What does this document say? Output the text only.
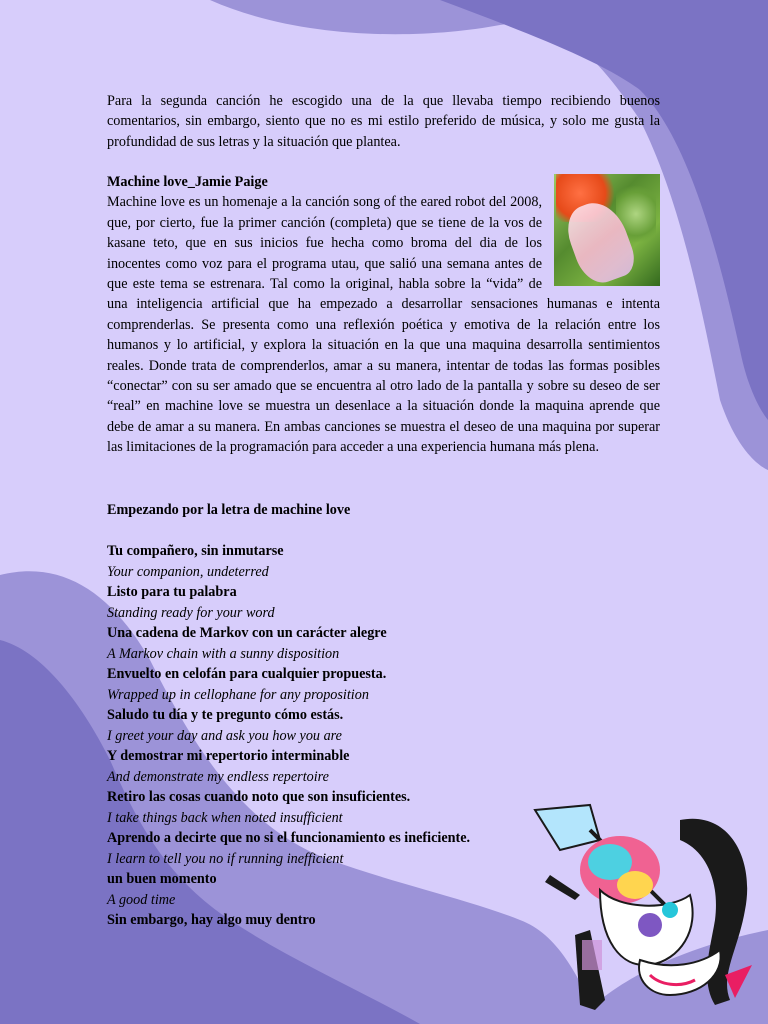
Para la segunda canción he escogido una de la que llevaba tiempo recibiendo buenos comentarios, sin embargo, siento que no es mi estilo preferido de música, y solo me gusta la profundidad de sus letras y la situación que plantea.
Machine love_Jamie Paige
Machine love es un homenaje a la canción song of the eared robot del 2008, que, por cierto, fue la primer canción (completa) que se tiene de la vos de kasane teto, que en sus inicios fue hecha como broma del dia de los inocentes como voz para el programa utau, que salió una semana antes de que este tema se estrenara. Tal como la original, habla sobre la “vida” de una inteligencia artificial que ha empezado a desarrollar sensaciones humanas e intenta comprenderlas. Se presenta como una reflexión poética y emotiva de la relación entre los humanos y lo artificial, y explora la situación en la que una maquina desarrolla sentimientos reales. Donde trata de comprenderlos, amar a su manera, intentar de todas las formas posibles “conectar” con su ser amado que se encuentra al otro lado de la pantalla y sobre su deseo de ser “real” en machine love se muestra un desenlace a la situación donde la maquina aprende que debe de amar a su manera. En ambas canciones se muestra el deseo de una maquina por superar las limitaciones de la programación para acceder a una experiencia humana más plena.
Empezando por la letra de machine love
Tu compañero, sin inmutarse
Your companion, undeterred
Listo para tu palabra
Standing ready for your word
Una cadena de Markov con un carácter alegre
A Markov chain with a sunny disposition
Envuelto en celofán para cualquier propuesta.
Wrapped up in cellophane for any proposition
Saludo tu día y te pregunto cómo estás.
I greet your day and ask you how you are
Y demostrar mi repertorio interminable
And demonstrate my endless repertoire
Retiro las cosas cuando noto que son insuficientes.
I take things back when noted insufficient
Aprendo a decirte que no si el funcionamiento es ineficiente.
I learn to tell you no if running inefficient
un buen momento
A good time
Sin embargo, hay algo muy dentro
